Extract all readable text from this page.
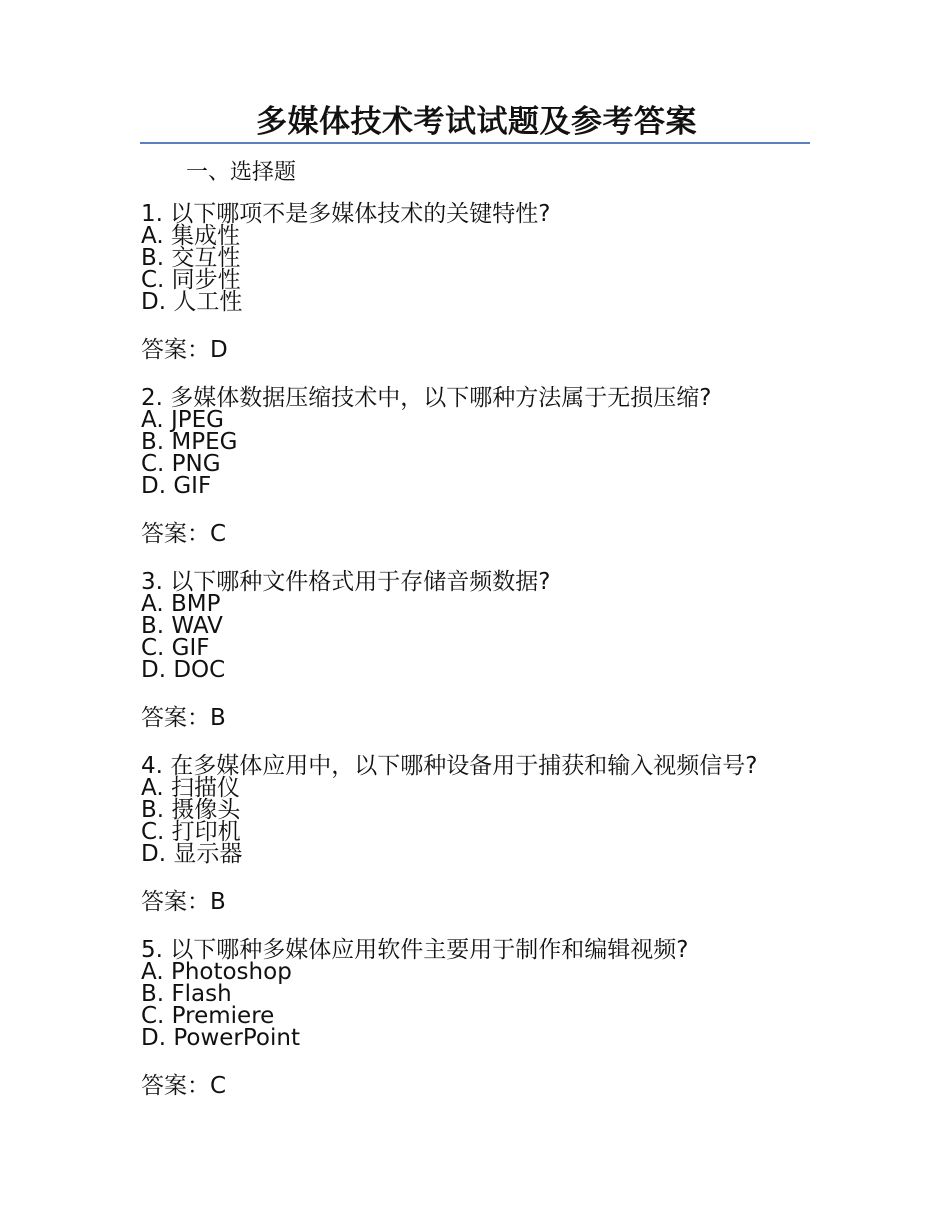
多媒体技术考试试题及参考答案
一、选择题

1. 以下哪项不是多媒体技术的关键特性?

A. 集成性
B. 交互性
C. 同步性
D. 人工性
答案：D

2. 多媒体数据压缩技术中，以下哪种方法属于无损压缩?

A. JPEG
B. MPEG
C. PNG
D. GIF
答案：C

3. 以下哪种文件格式用于存储音频数据?

A. BMP
B. WAV
C. GIF
D. DOC
答案：B

4. 在多媒体应用中，以下哪种设备用于捕获和输入视频信号?

A. 扫描仪
B. 摄像头
C. 打印机
D. 显示器
答案：B

5. 以下哪种多媒体应用软件主要用于制作和编辑视频?

A. Photoshop
B. Flash
C. Premiere
D. PowerPoint
答案：C
